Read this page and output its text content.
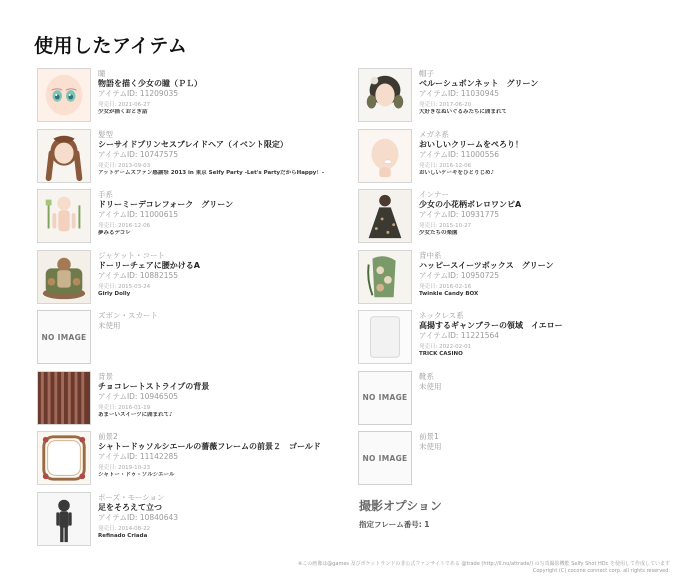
使用したアイテム
瞳
物語を描く少女の瞳（ＰＬ）
アイテムID: 11209035
発売日: 2021-06-27
少女が描くおとぎ話
髪型
シーサイドプリンセスブレイドヘア（イベント限定）
アイテムID: 10747575
発売日: 2013-09-03
アットゲームズファン感謝祭 2013 in 東京 Selfy Party -Let's PartyだからHappy！-
手系
ドリーミーデコレフォーク　グリーン
アイテムID: 11000615
発売日: 2016-12-06
夢みるデコレ
ジャケット・コート
ドーリーチェアに腰かけるA
アイテムID: 10882155
発売日: 2015-03-24
Girly Dolly
NO IMAGE
ズボン・スカート
未使用
背景
チョコレートストライプの背景
アイテムID: 10946505
発売日: 2016-01-19
あまーいスイーツに囲まれて♪
前景2
シャトードゥソルシエールの薔薇フレームの前景２　ゴールド
アイテムID: 11142285
発売日: 2019-10-23
シャトー・ドゥ・ソルシエール
ポーズ・モーション
足をそろえて立つ
アイテムID: 10840643
発売日: 2014-08-22
Refinado Criada
帽子
ベルーシュボンネット　グリーン
アイテムID: 11030945
発売日: 2017-06-20
大好きなぬいぐるみたちに囲まれて
メガネ系
おいしいクリームをぺろり！
アイテムID: 11000556
発売日: 2016-12-06
おいしいケーキをひとりじめ♪
インナー
少女の小花柄ボレロワンピA
アイテムID: 10931775
発売日: 2015-10-27
少女たちの楽園
背中系
ハッピースイーツボックス　グリーン
アイテムID: 10950725
発売日: 2016-02-16
Twinkle Candy BOX
ネックレス系
高揚するギャンブラーの領域　イエロー
アイテムID: 11221564
発売日: 2022-02-01
TRICK CASINO
NO IMAGE
靴系
未使用
NO IMAGE
前景1
未使用
撮影オプション
指定フレーム番号: 1
※この画像は@games 及びポケットランドの非公式ファンサイトである @trade (http://li.nu/attrade/) の写真撮影機能 Selfy Shot HDc を使用して作成しています
Copyright (C) cocone connect corp. all rights reserved.
